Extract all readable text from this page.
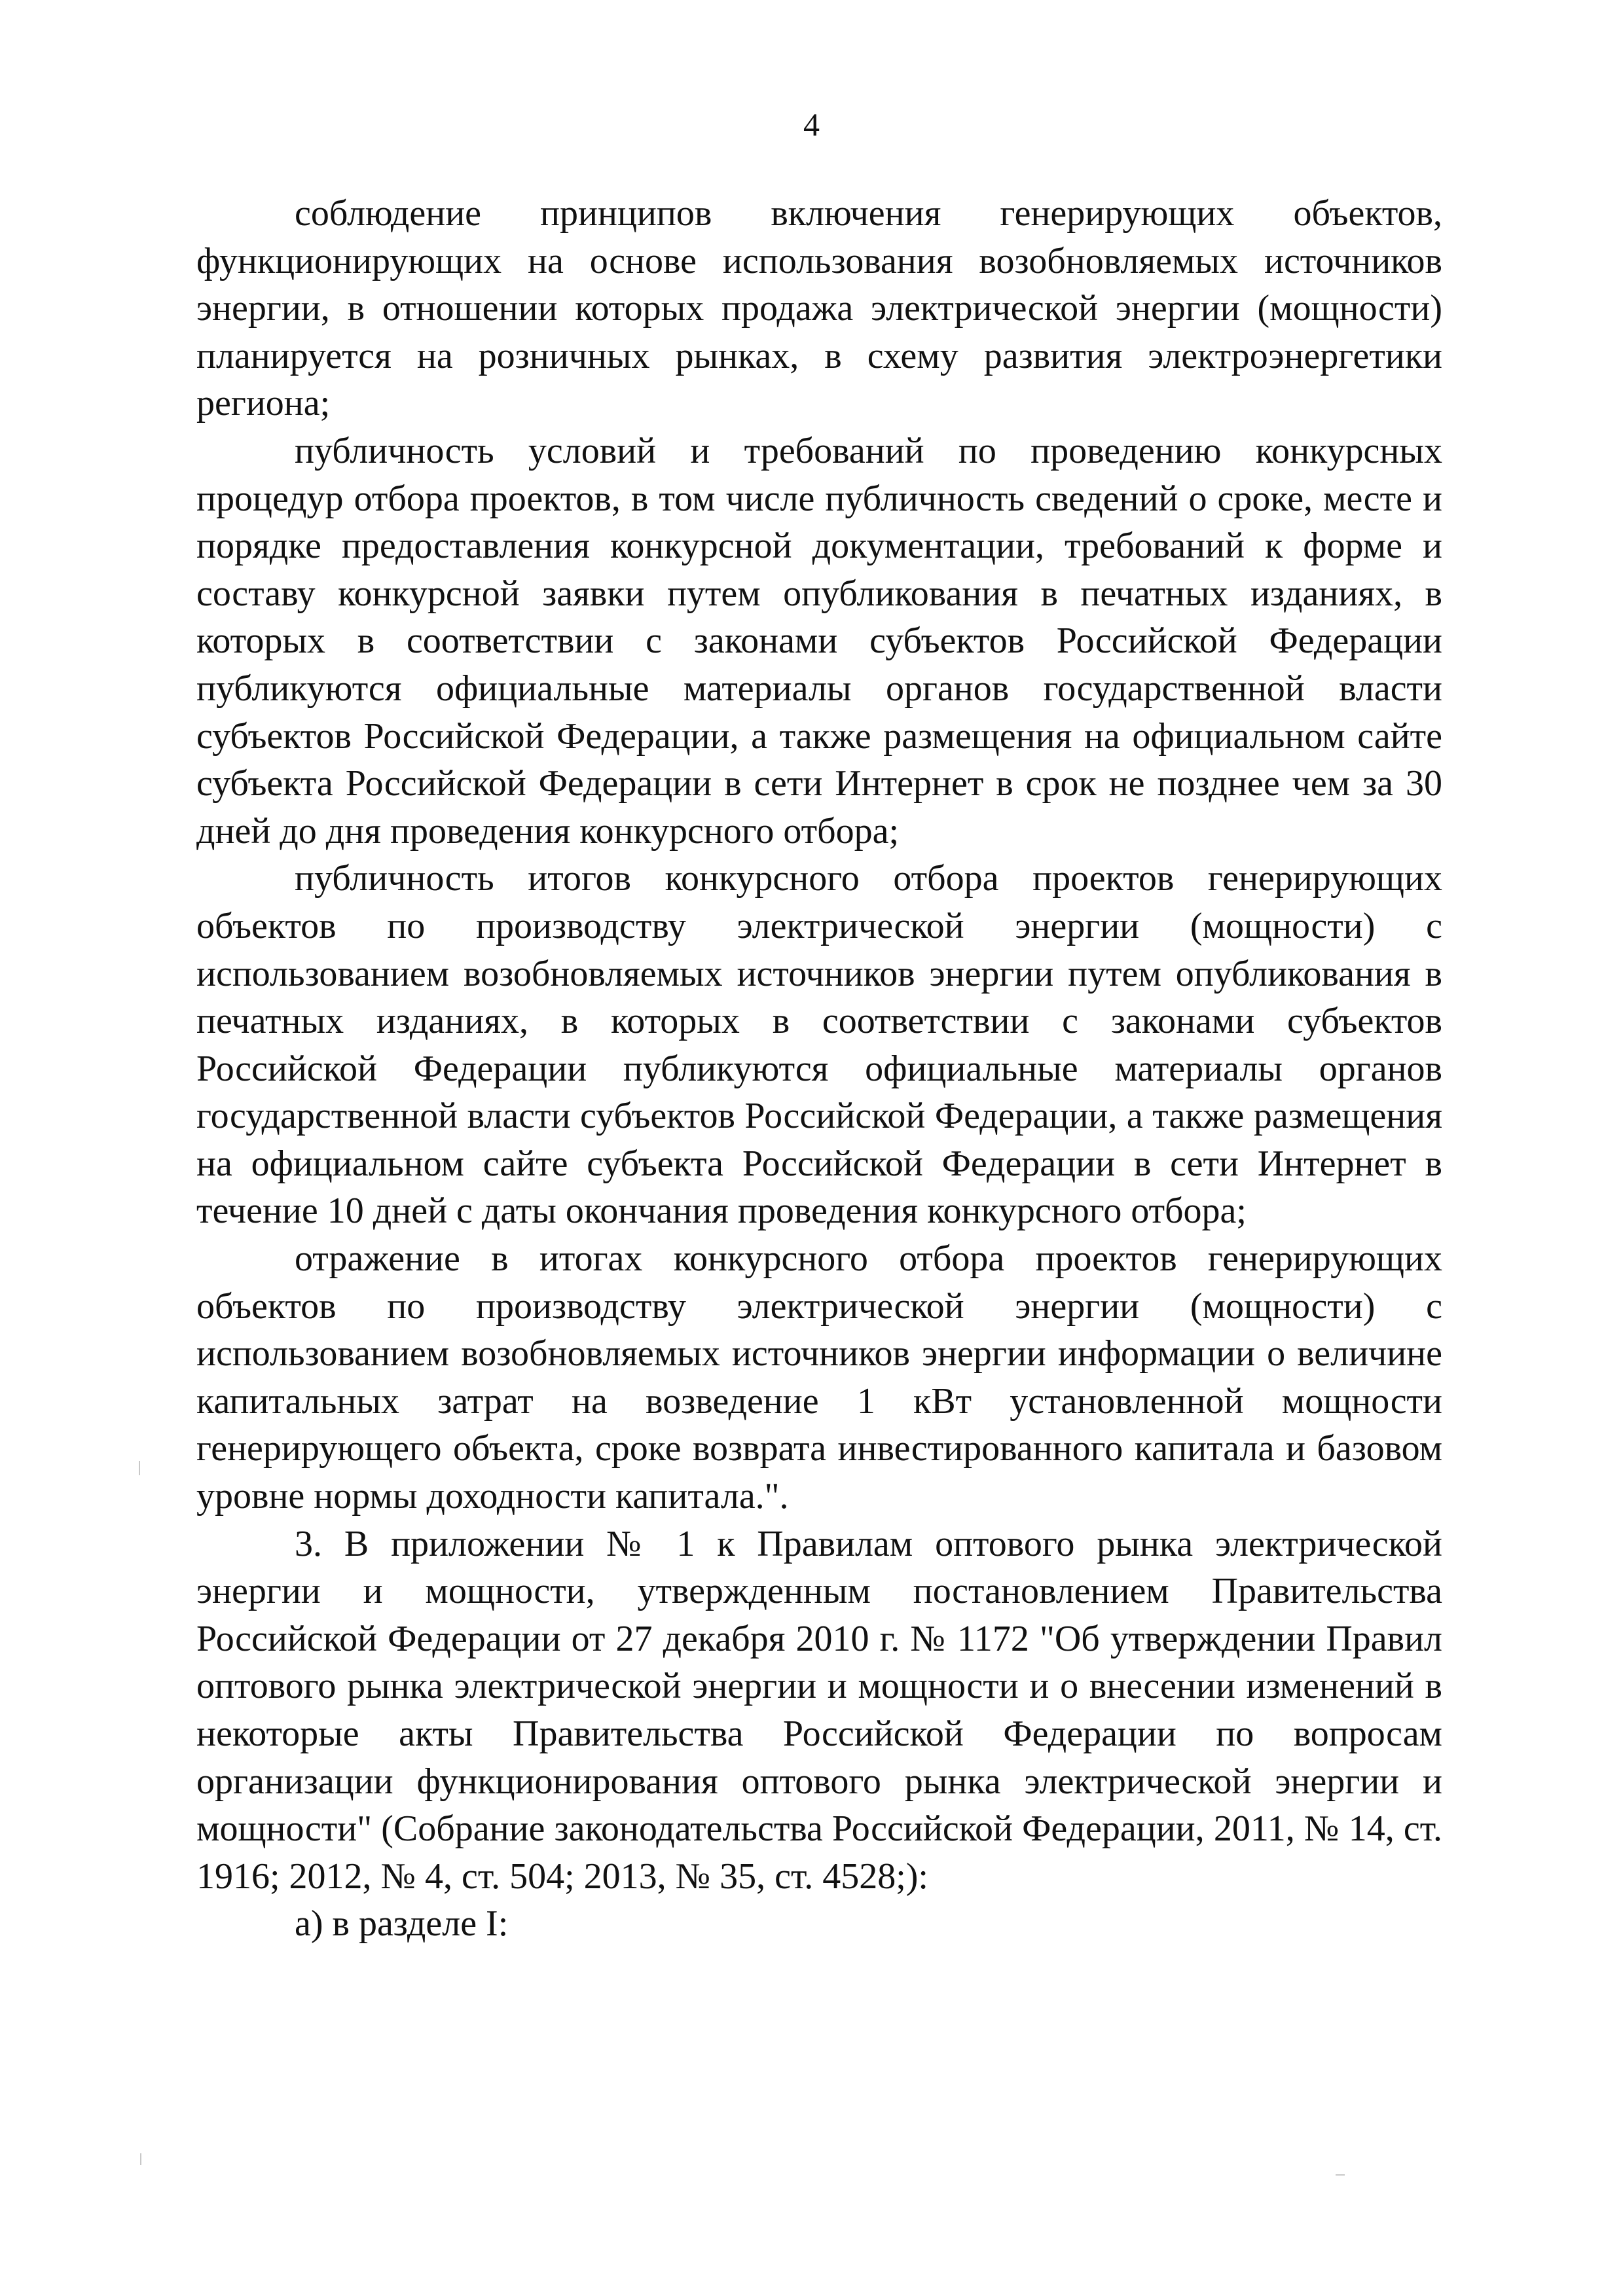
4

соблюдение принципов включения генерирующих объектов, функционирующих на основе использования возобновляемых источников энергии, в отношении которых продажа электрической энергии (мощности) планируется на розничных рынках, в схему развития электроэнергетики региона;

публичность условий и требований по проведению конкурсных процедур отбора проектов, в том числе публичность сведений о сроке, месте и порядке предоставления конкурсной документации, требований к форме и составу конкурсной заявки путем опубликования в печатных изданиях, в которых в соответствии с законами субъектов Российской Федерации публикуются официальные материалы органов государственной власти субъектов Российской Федерации, а также размещения на официальном сайте субъекта Российской Федерации в сети Интернет в срок не позднее чем за 30 дней до дня проведения конкурсного отбора;

публичность итогов конкурсного отбора проектов генерирующих объектов по производству электрической энергии (мощности) с использованием возобновляемых источников энергии путем опубликования в печатных изданиях, в которых в соответствии с законами субъектов Российской Федерации публикуются официальные материалы органов государственной власти субъектов Российской Федерации, а также размещения на официальном сайте субъекта Российской Федерации в сети Интернет в течение 10 дней с даты окончания проведения конкурсного отбора;

отражение в итогах конкурсного отбора проектов генерирующих объектов по производству электрической энергии (мощности) с использованием возобновляемых источников энергии информации о величине капитальных затрат на возведение 1 кВт установленной мощности генерирующего объекта, сроке возврата инвестированного капитала и базовом уровне нормы доходности капитала.".

3. В приложении № 1 к Правилам оптового рынка электрической энергии и мощности, утвержденным постановлением Правительства Российской Федерации от 27 декабря 2010 г. № 1172 "Об утверждении Правил оптового рынка электрической энергии и мощности и о внесении изменений в некоторые акты Правительства Российской Федерации по вопросам организации функционирования оптового рынка электрической энергии и мощности" (Собрание законодательства Российской Федерации, 2011, № 14, ст. 1916; 2012, № 4, ст. 504; 2013, № 35, ст. 4528;):

а) в разделе I:
